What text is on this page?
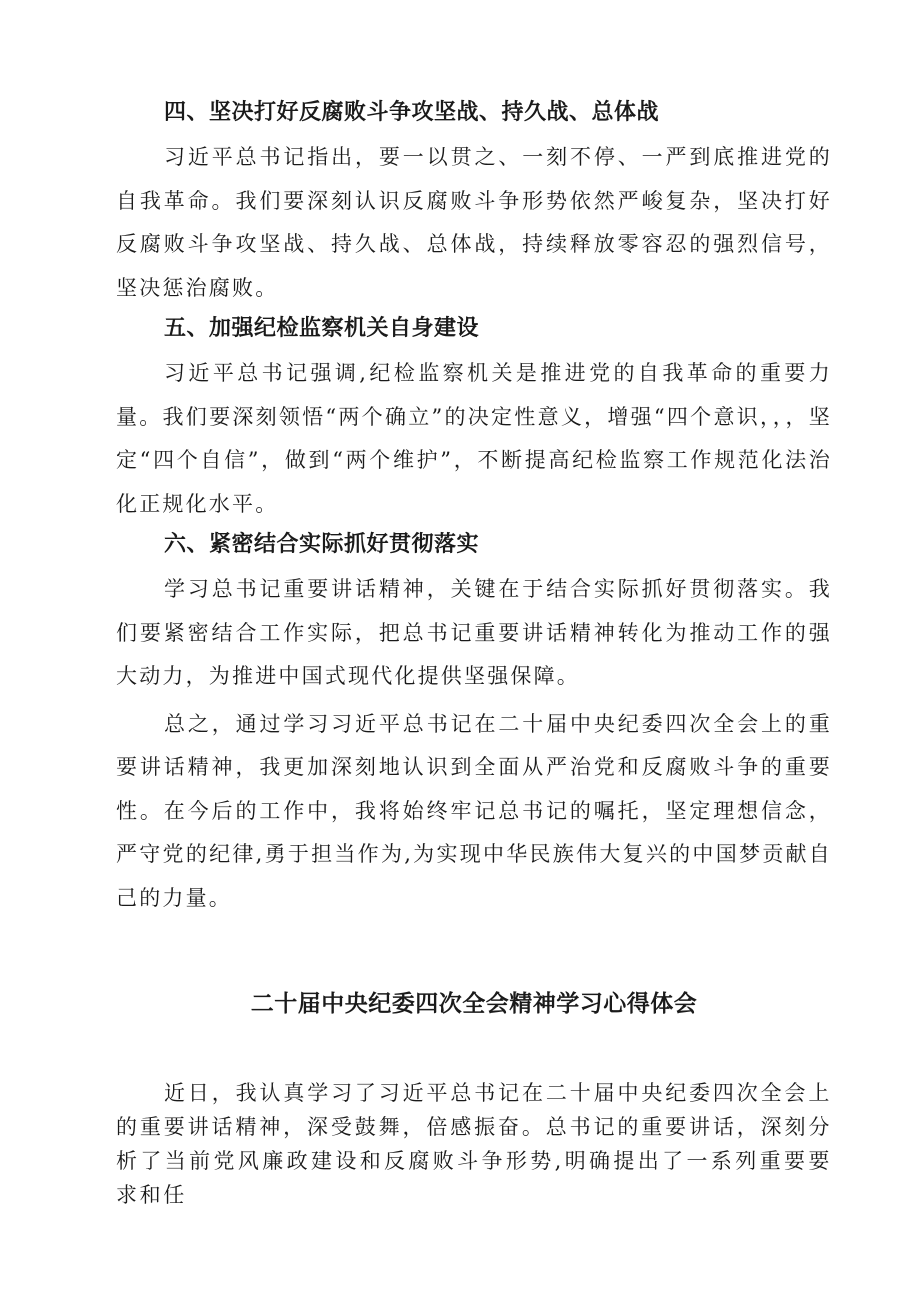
四、坚决打好反腐败斗争攻坚战、持久战、总体战

习近平总书记指出，要一以贯之、一刻不停、一严到底推进党的自我革命。我们要深刻认识反腐败斗争形势依然严峻复杂，坚决打好反腐败斗争攻坚战、持久战、总体战，持续释放零容忍的强烈信号，坚决惩治腐败。

五、加强纪检监察机关自身建设

习近平总书记强调,纪检监察机关是推进党的自我革命的重要力量。我们要深刻领悟“两个确立”的决定性意义，增强“四个意识，，，坚定“四个自信”，做到“两个维护”，不断提高纪检监察工作规范化法治化正规化水平。

六、紧密结合实际抓好贯彻落实

学习总书记重要讲话精神，关键在于结合实际抓好贯彻落实。我们要紧密结合工作实际，把总书记重要讲话精神转化为推动工作的强大动力，为推进中国式现代化提供坚强保障。

总之，通过学习习近平总书记在二十届中央纪委四次全会上的重要讲话精神，我更加深刻地认识到全面从严治党和反腐败斗争的重要性。在今后的工作中，我将始终牢记总书记的嘱托，坚定理想信念，严守党的纪律,勇于担当作为,为实现中华民族伟大复兴的中国梦贡献自己的力量。

二十届中央纪委四次全会精神学习心得体会

近日，我认真学习了习近平总书记在二十届中央纪委四次全会上的重要讲话精神，深受鼓舞，倍感振奋。总书记的重要讲话，深刻分析了当前党风廉政建设和反腐败斗争形势,明确提出了一系列重要要求和任
